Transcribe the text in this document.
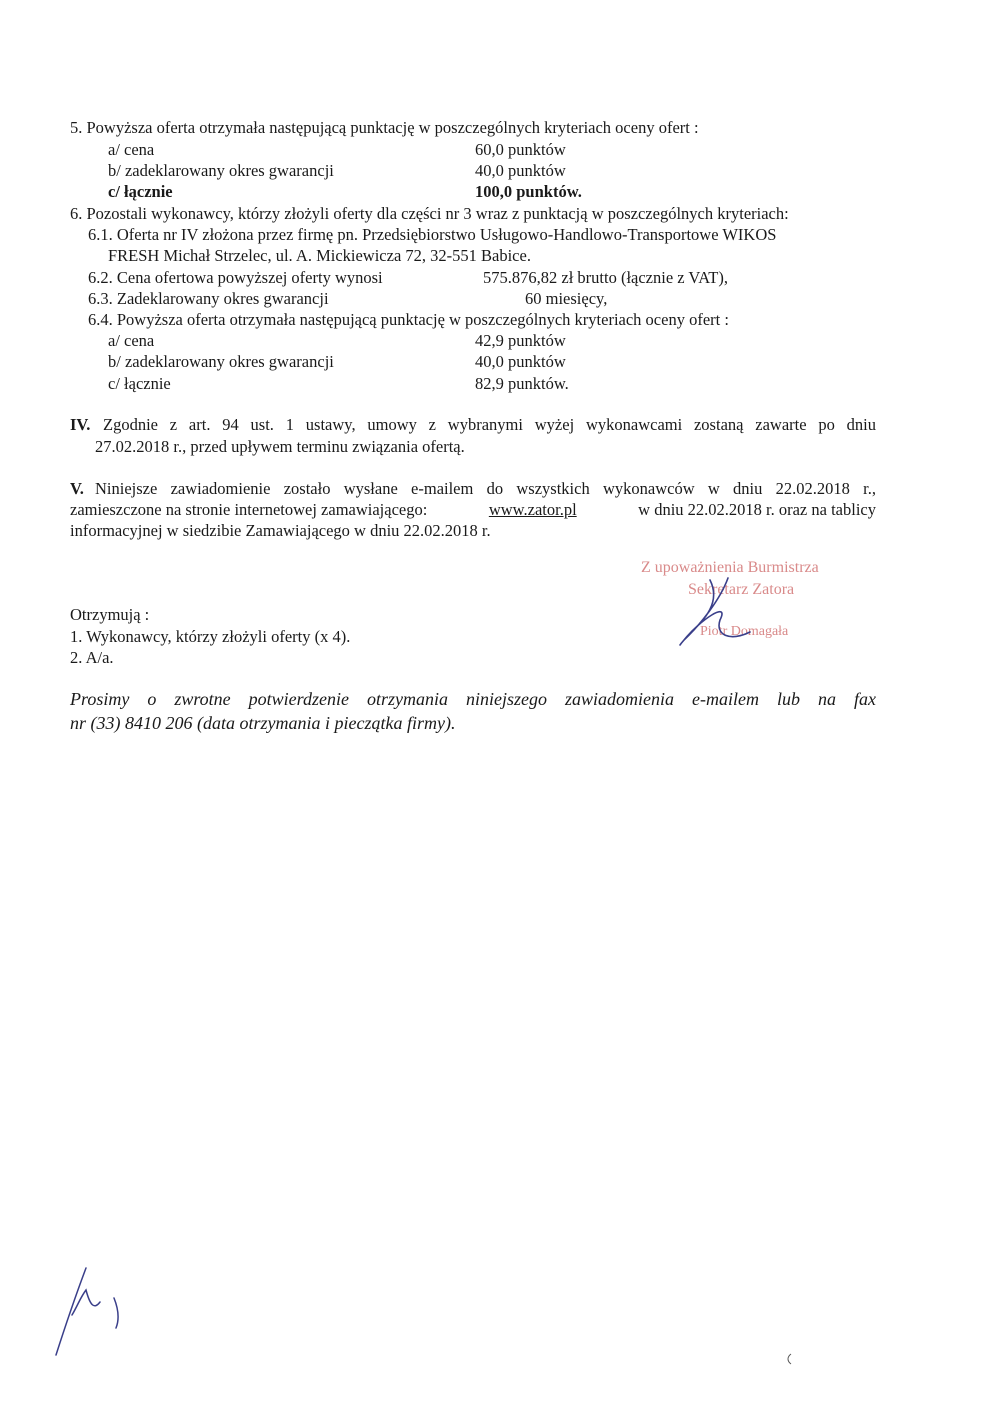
5. Powyższa oferta otrzymała następującą punktację w poszczególnych kryteriach oceny ofert :
a/ cena	60,0 punktów
b/ zadeklarowany okres gwarancji	40,0 punktów
c/ łącznie	100,0 punktów.
6. Pozostali wykonawcy, którzy złożyli oferty dla części nr 3 wraz z punktacją w poszczególnych kryteriach:
6.1. Oferta nr IV złożona przez firmę pn. Przedsiębiorstwo Usługowo-Handlowo-Transportowe WIKOS
FRESH Michał Strzelec, ul. A. Mickiewicza 72, 32-551 Babice.
6.2. Cena ofertowa powyższej oferty wynosi	575.876,82 zł brutto (łącznie z VAT),
6.3. Zadeklarowany okres gwarancji	60 miesięcy,
6.4. Powyższa oferta otrzymała następującą punktację w poszczególnych kryteriach oceny ofert :
a/ cena	42,9 punktów
b/ zadeklarowany okres gwarancji	40,0 punktów
c/ łącznie	82,9 punktów.
IV. Zgodnie z art. 94 ust. 1 ustawy, umowy z wybranymi wyżej wykonawcami zostaną zawarte po dniu
27.02.2018 r., przed upływem terminu związania ofertą.
V. Niniejsze zawiadomienie zostało wysłane e-mailem do wszystkich wykonawców w dniu 22.02.2018 r.,
zamieszczone na stronie internetowej zamawiającego:	www.zator.pl	w dniu 22.02.2018 r. oraz na tablicy
informacyjnej w siedzibie Zamawiającego w dniu 22.02.2018 r.
Z upoważnienia Burmistrza
Sekretarz Zatora
Piotr Domagała
Otrzymują :
1. Wykonawcy, którzy złożyli oferty (x 4).
2. A/a.
Prosimy o zwrotne potwierdzenie otrzymania niniejszego zawiadomienia e-mailem lub na fax
nr (33) 8410 206 (data otrzymania i pieczątka firmy).
